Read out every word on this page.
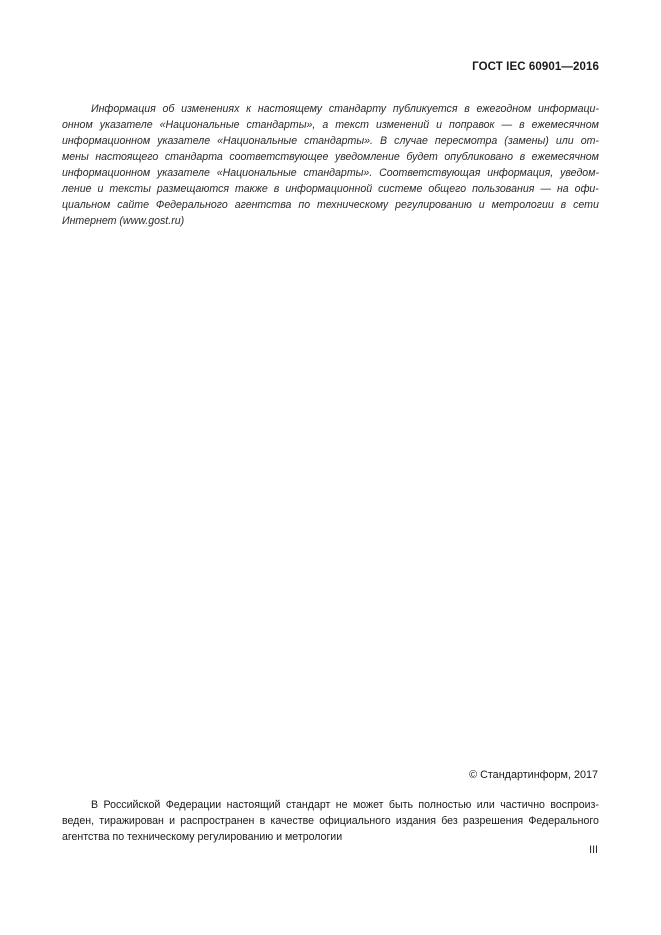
ГОСТ IEC 60901—2016
Информация об изменениях к настоящему стандарту публикуется в ежегодном информаци-
онном указателе «Национальные стандарты», а текст изменений и поправок — в ежемесячном
информационном указателе «Национальные стандарты». В случае пересмотра (замены) или от-
мены настоящего стандарта соответствующее уведомление будет опубликовано в ежемесячном
информационном указателе «Национальные стандарты». Соответствующая информация, уведом-
ление и тексты размещаются также в информационной системе общего пользования — на офи-
циальном сайте Федерального агентства по техническому регулированию и метрологии в сети
Интернет (www.gost.ru)
© Стандартинформ, 2017
В Российской Федерации настоящий стандарт не может быть полностью или частично воспроиз-
веден, тиражирован и распространен в качестве официального издания без разрешения Федерального
агентства по техническому регулированию и метрологии
III
